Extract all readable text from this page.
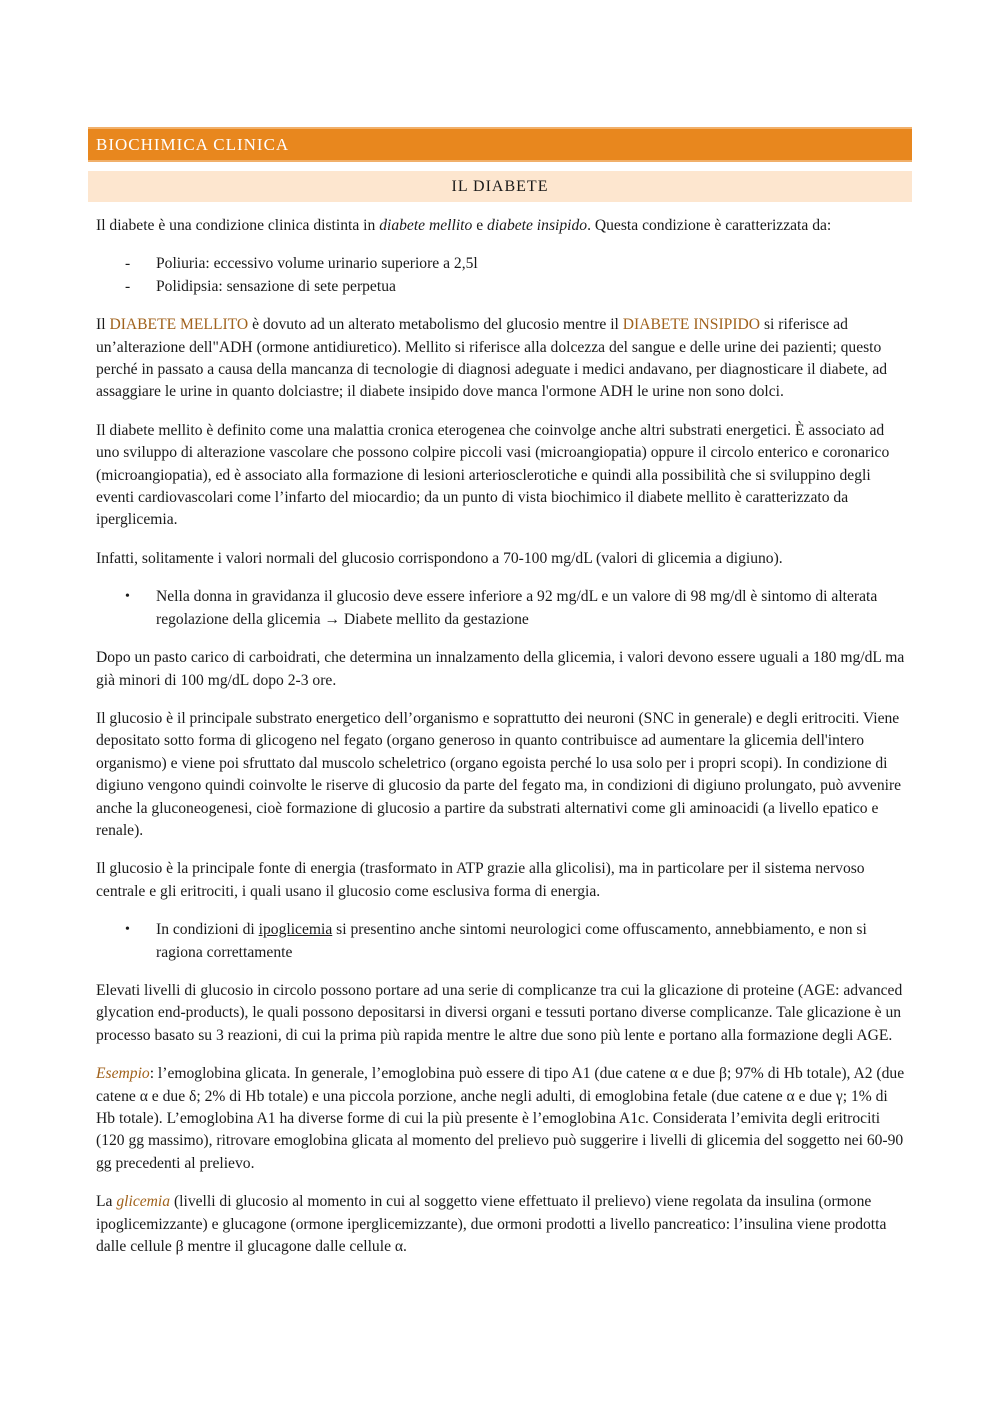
BIOCHIMICA CLINICA
IL DIABETE

Il diabete è una condizione clinica distinta in diabete mellito e diabete insipido. Questa condizione è caratterizzata da:

- Poliuria: eccessivo volume urinario superiore a 2,5l
- Polidipsia: sensazione di sete perpetua

Il DIABETE MELLITO è dovuto ad un alterato metabolismo del glucosio mentre il DIABETE INSIPIDO si riferisce ad un’alterazione dell"ADH (ormone antidiuretico). Mellito si riferisce alla dolcezza del sangue e delle urine dei pazienti; questo perché in passato a causa della mancanza di tecnologie di diagnosi adeguate i medici andavano, per diagnosticare il diabete, ad assaggiare le urine in quanto dolciastre; il diabete insipido dove manca l'ormone ADH le urine non sono dolci.

Il diabete mellito è definito come una malattia cronica eterogenea che coinvolge anche altri substrati energetici. È associato ad uno sviluppo di alterazione vascolare che possono colpire piccoli vasi (microangiopatia) oppure il circolo enterico e coronarico (microangiopatia), ed è associato alla formazione di lesioni arteriosclerotiche e quindi alla possibilità che si sviluppino degli eventi cardiovascolari come l’infarto del miocardio; da un punto di vista biochimico il diabete mellito è caratterizzato da iperglicemia.

Infatti, solitamente i valori normali del glucosio corrispondono a 70-100 mg/dL (valori di glicemia a digiuno).

• Nella donna in gravidanza il glucosio deve essere inferiore a 92 mg/dL e un valore di 98 mg/dl è sintomo di alterata regolazione della glicemia → Diabete mellito da gestazione

Dopo un pasto carico di carboidrati, che determina un innalzamento della glicemia, i valori devono essere uguali a 180 mg/dL ma già minori di 100 mg/dL dopo 2-3 ore.

Il glucosio è il principale substrato energetico dell’organismo e soprattutto dei neuroni (SNC in generale) e degli eritrociti. Viene depositato sotto forma di glicogeno nel fegato (organo generoso in quanto contribuisce ad aumentare la glicemia dell'intero organismo) e viene poi sfruttato dal muscolo scheletrico (organo egoista perché lo usa solo per i propri scopi). In condizione di digiuno vengono quindi coinvolte le riserve di glucosio da parte del fegato ma, in condizioni di digiuno prolungato, può avvenire anche la gluconeogenesi, cioè formazione di glucosio a partire da substrati alternativi come gli aminoacidi (a livello epatico e renale).

Il glucosio è la principale fonte di energia (trasformato in ATP grazie alla glicolisi), ma in particolare per il sistema nervoso centrale e gli eritrociti, i quali usano il glucosio come esclusiva forma di energia.

• In condizioni di ipoglicemia si presentino anche sintomi neurologici come offuscamento, annebbiamento, e non si ragiona correttamente

Elevati livelli di glucosio in circolo possono portare ad una serie di complicanze tra cui la glicazione di proteine (AGE: advanced glycation end-products), le quali possono depositarsi in diversi organi e tessuti portano diverse complicanze. Tale glicazione è un processo basato su 3 reazioni, di cui la prima più rapida mentre le altre due sono più lente e portano alla formazione degli AGE.

Esempio: l’emoglobina glicata. In generale, l’emoglobina può essere di tipo A1 (due catene α e due β; 97% di Hb totale), A2 (due catene α e due δ; 2% di Hb totale) e una piccola porzione, anche negli adulti, di emoglobina fetale (due catene α e due γ; 1% di Hb totale). L’emoglobina A1 ha diverse forme di cui la più presente è l’emoglobina A1c. Considerata l’emivita degli eritrociti (120 gg massimo), ritrovare emoglobina glicata al momento del prelievo può suggerire i livelli di glicemia del soggetto nei 60-90 gg precedenti al prelievo.

La glicemia (livelli di glucosio al momento in cui al soggetto viene effettuato il prelievo) viene regolata da insulina (ormone ipoglicemizzante) e glucagone (ormone iperglicemizzante), due ormoni prodotti a livello pancreatico: l’insulina viene prodotta dalle cellule β mentre il glucagone dalle cellule α.
